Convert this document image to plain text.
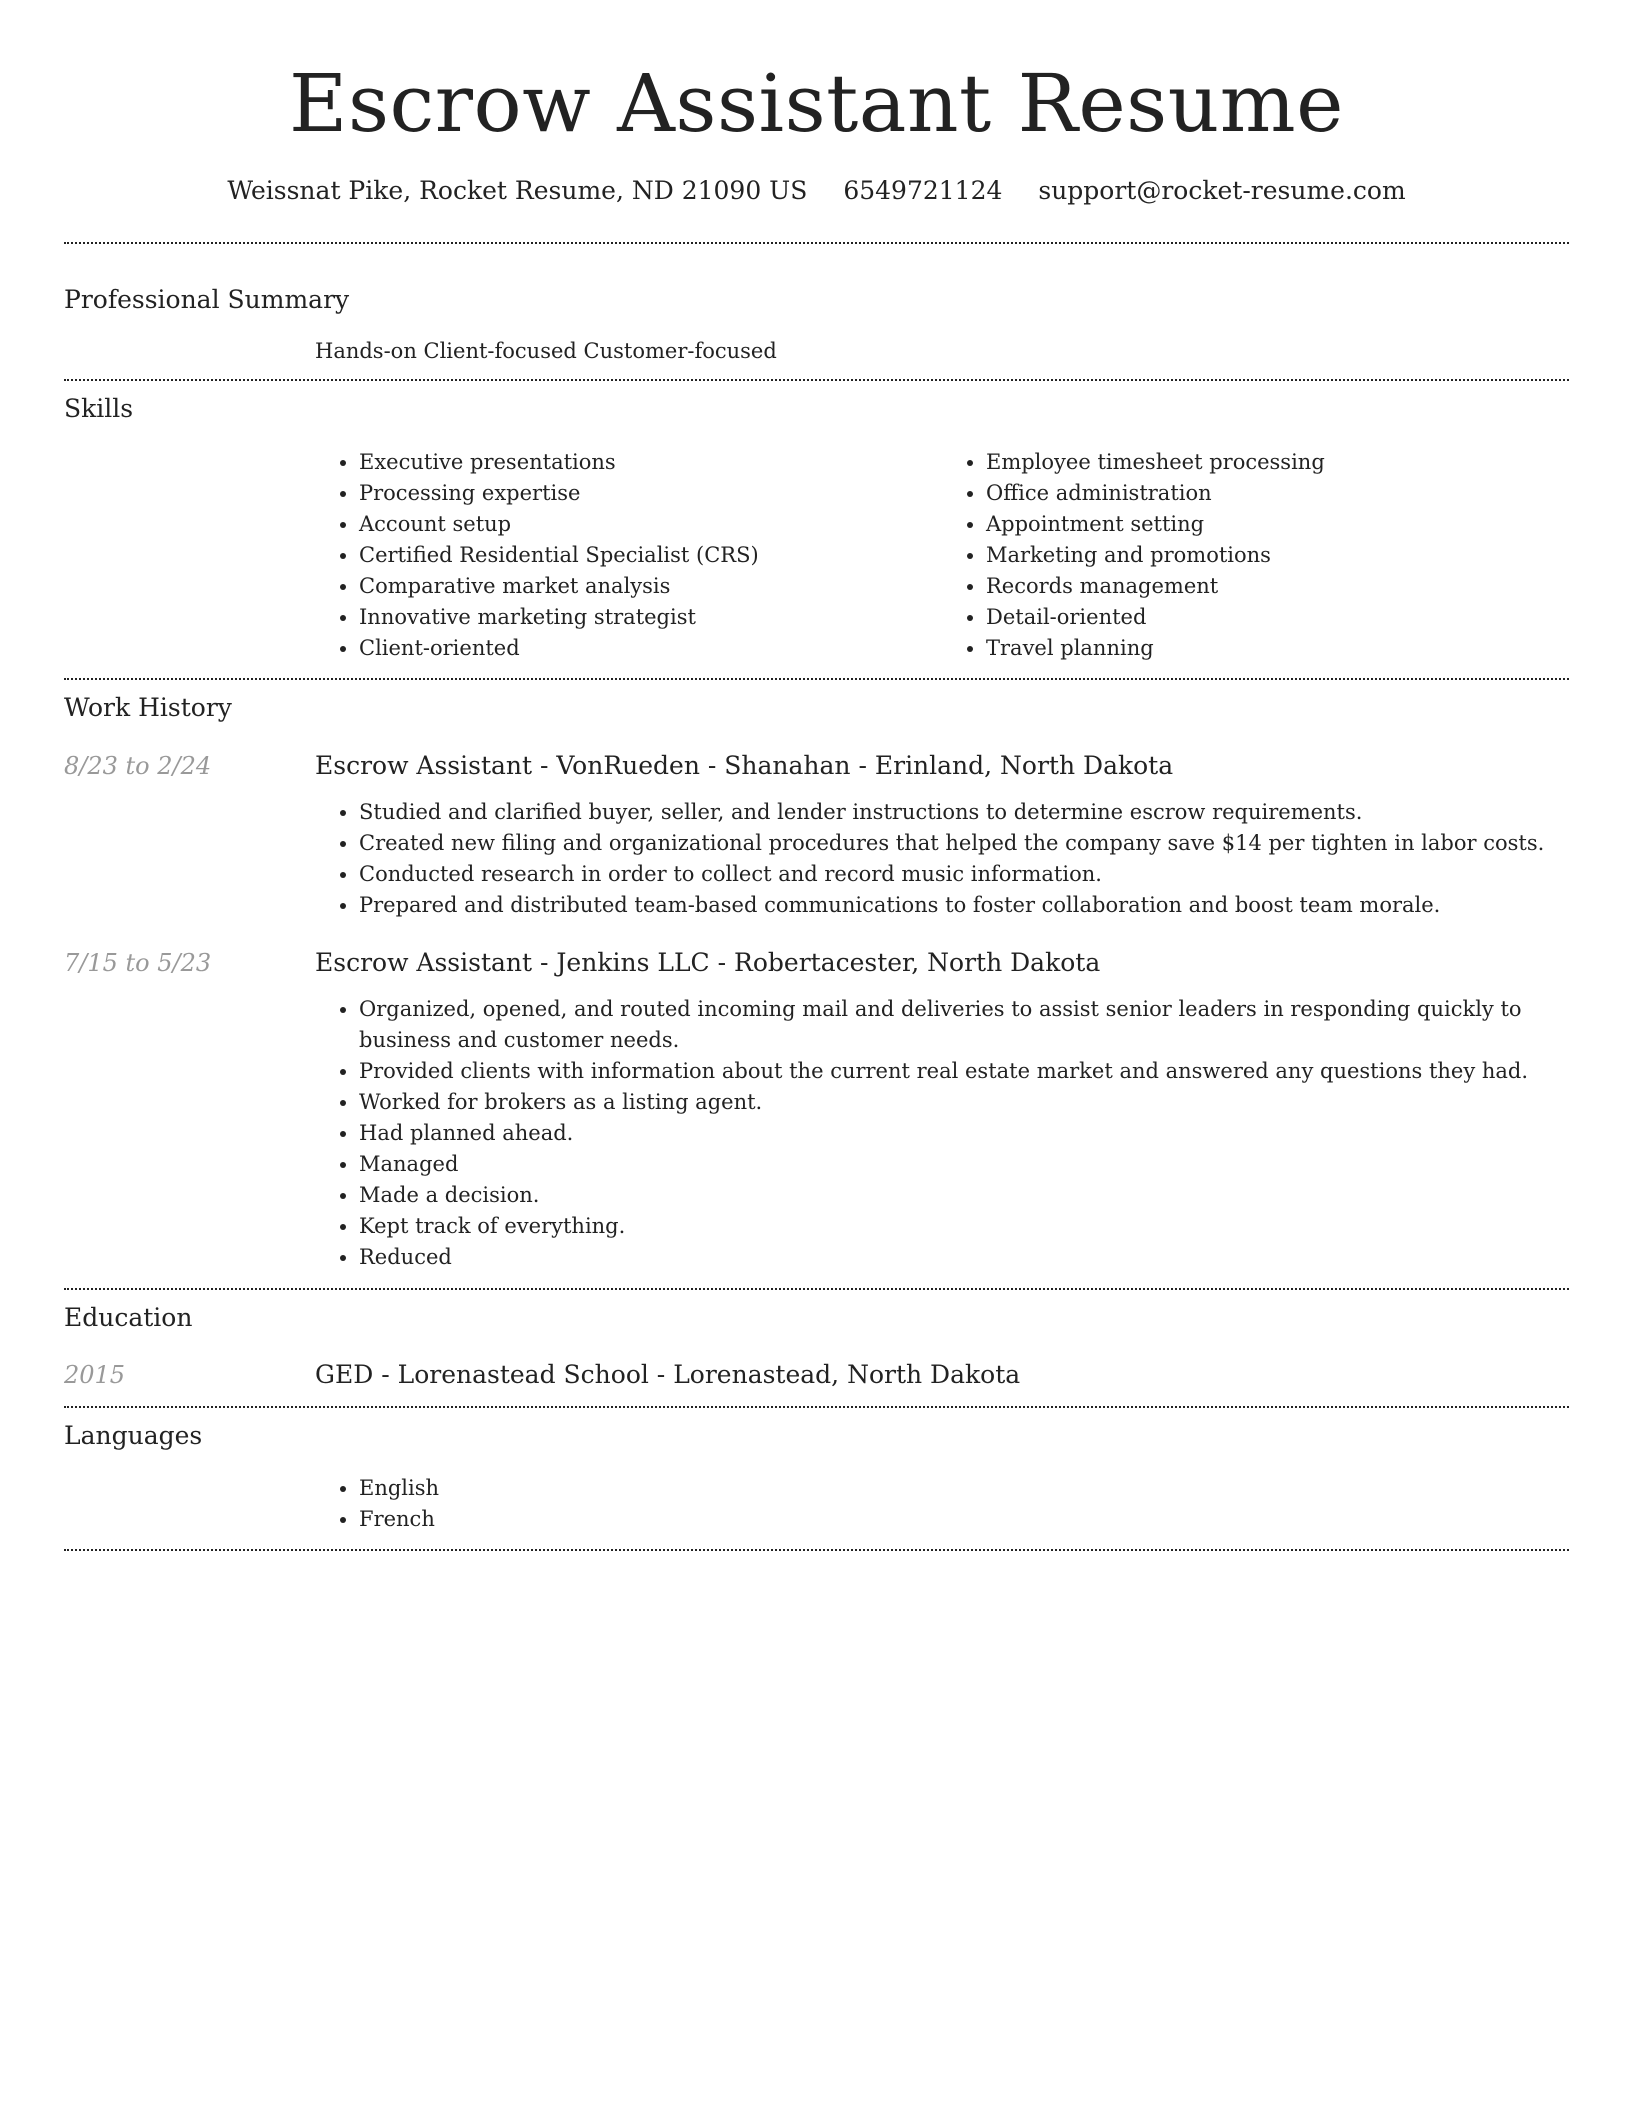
Escrow Assistant Resume
Weissnat Pike, Rocket Resume, ND 21090 US 6549721124 support@rocket-resume.com
Professional Summary
Hands-on Client-focused Customer-focused
Skills
• Executive presentations
• Processing expertise
• Account setup
• Certified Residential Specialist (CRS)
• Comparative market analysis
• Innovative marketing strategist
• Client-oriented
• Employee timesheet processing
• Office administration
• Appointment setting
• Marketing and promotions
• Records management
• Detail-oriented
• Travel planning
Work History
8/23 to 2/24	Escrow Assistant - VonRueden - Shanahan - Erinland, North Dakota
• Studied and clarified buyer, seller, and lender instructions to determine escrow requirements.
• Created new filing and organizational procedures that helped the company save $14 per tighten in labor costs.
• Conducted research in order to collect and record music information.
• Prepared and distributed team-based communications to foster collaboration and boost team morale.
7/15 to 5/23	Escrow Assistant - Jenkins LLC - Robertacester, North Dakota
• Organized, opened, and routed incoming mail and deliveries to assist senior leaders in responding quickly to business and customer needs.
• Provided clients with information about the current real estate market and answered any questions they had.
• Worked for brokers as a listing agent.
• Had planned ahead.
• Managed
• Made a decision.
• Kept track of everything.
• Reduced
Education
2015	GED - Lorenastead School - Lorenastead, North Dakota
Languages
• English
• French
